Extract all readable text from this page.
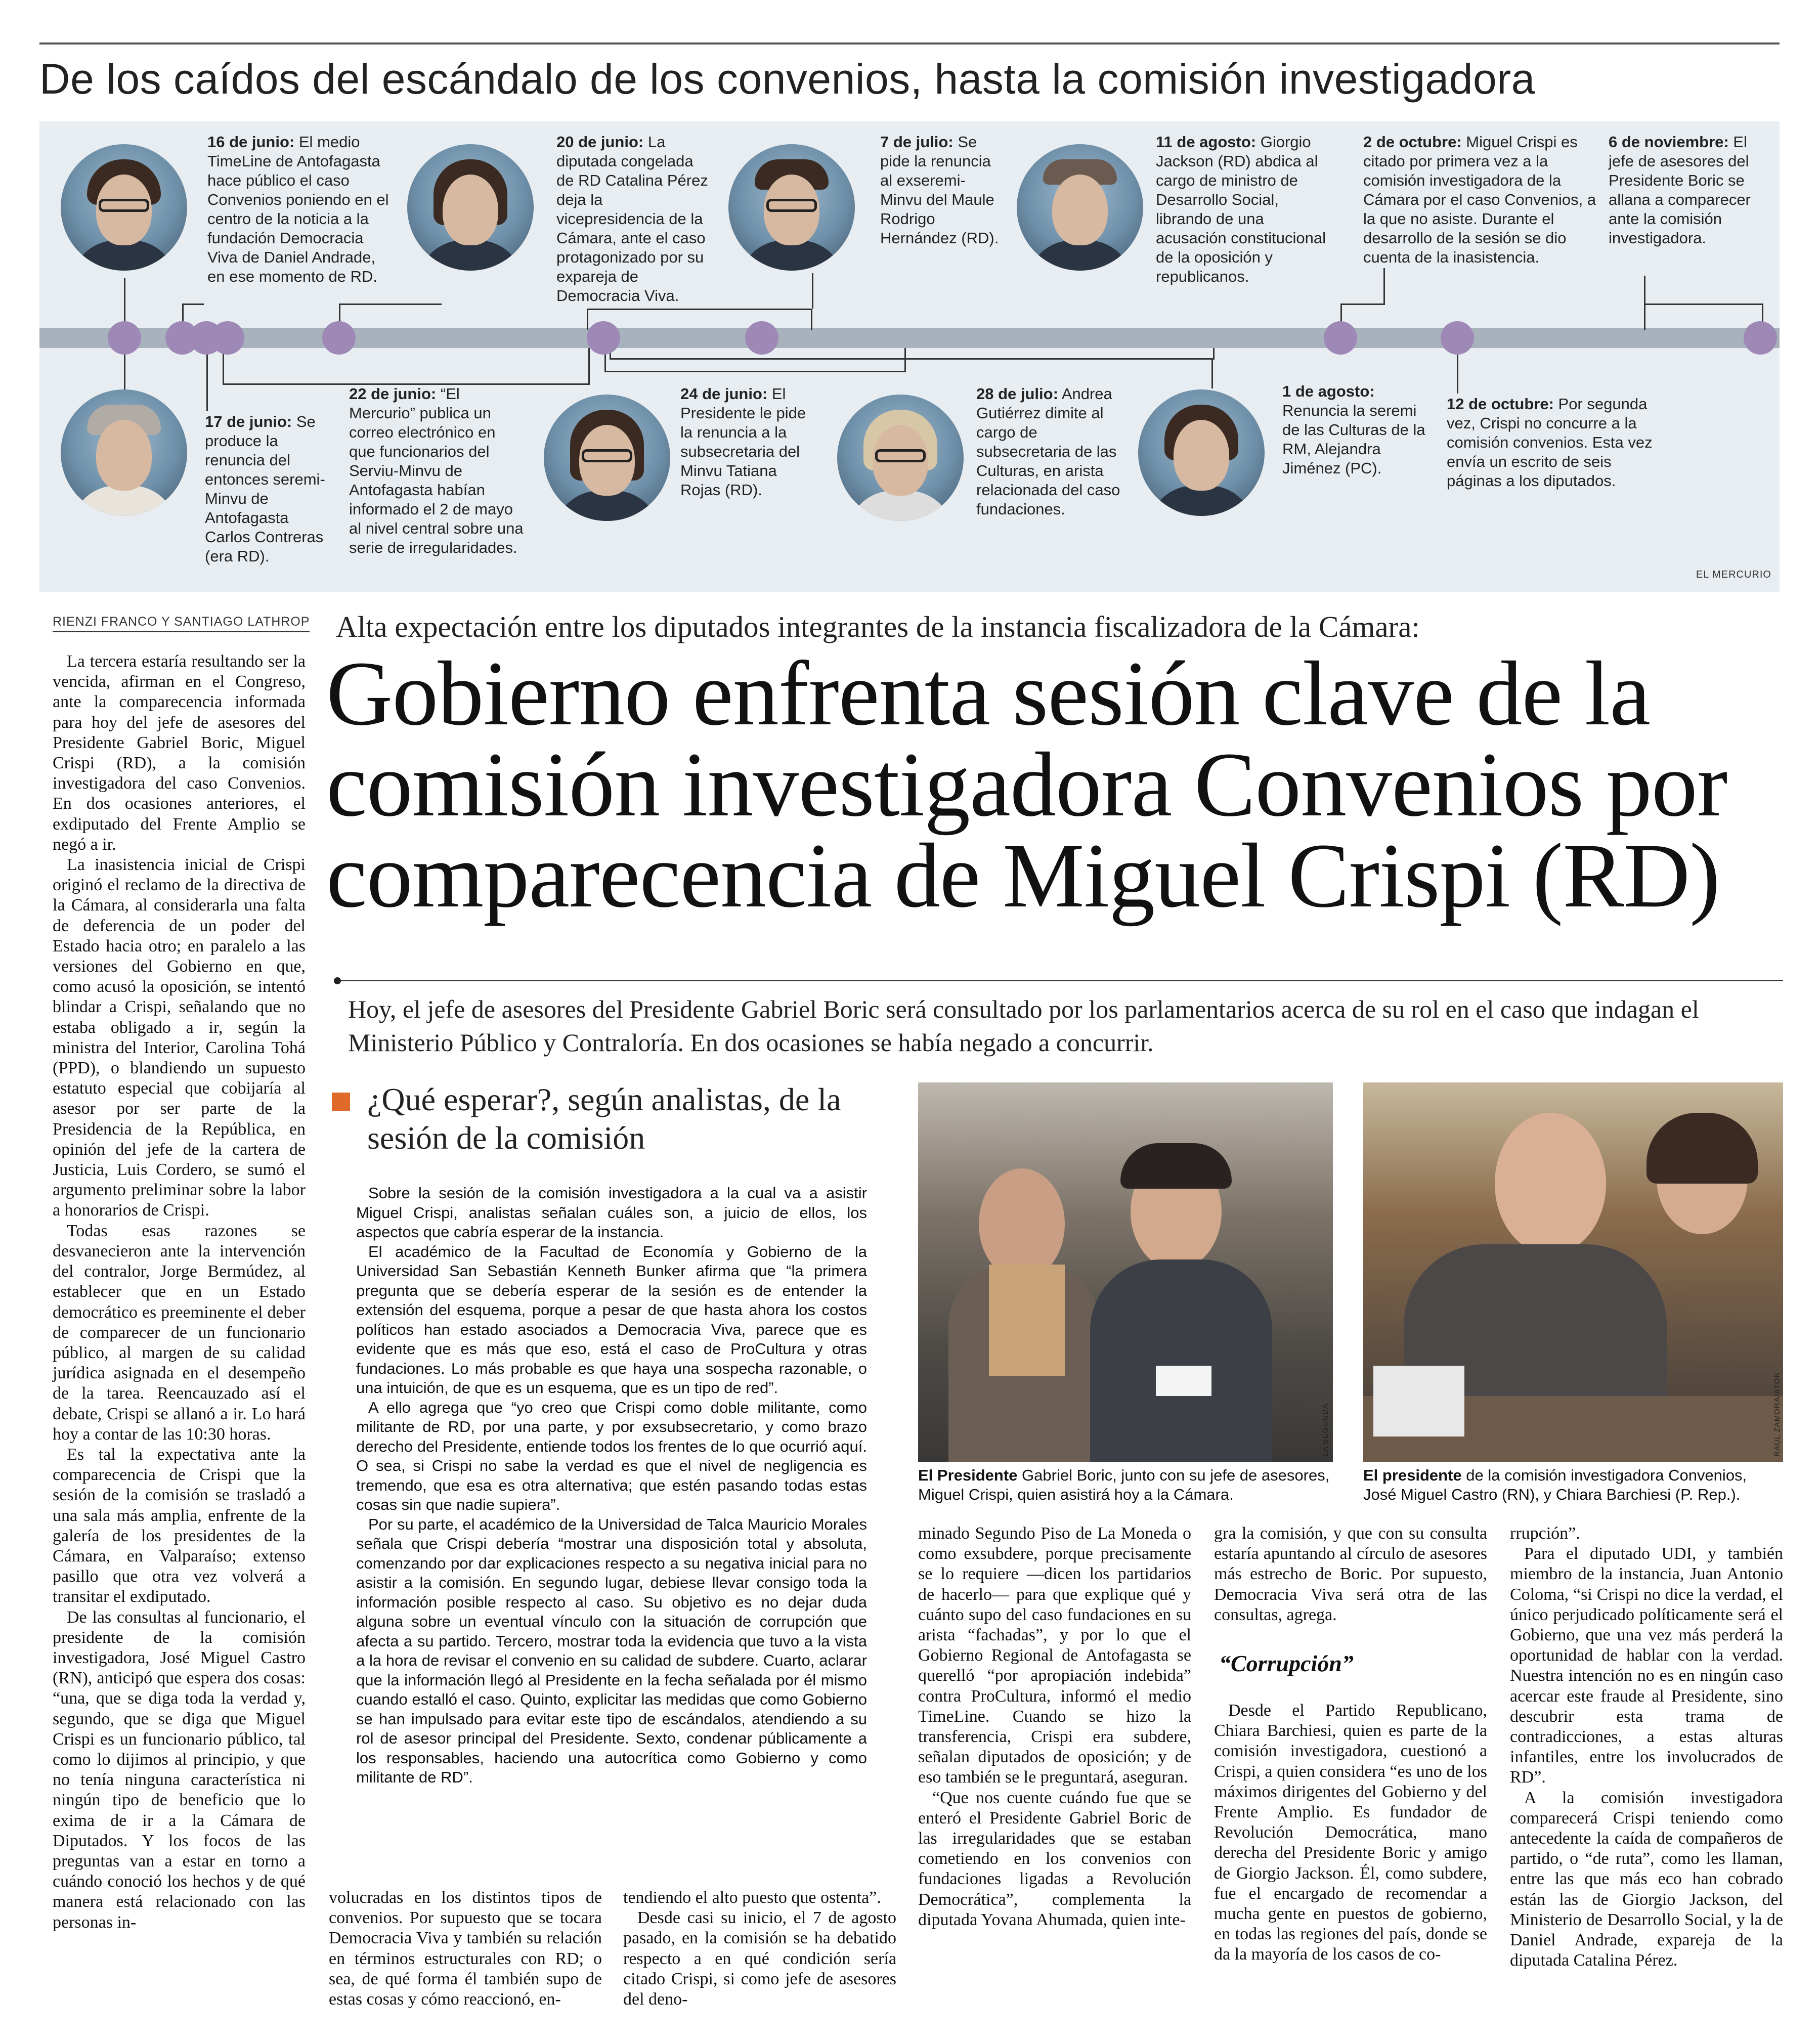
De los caídos del escándalo de los convenios, hasta la comisión investigadora
16 de junio: El medio TimeLine de Antofagasta hace público el caso Convenios poniendo en el centro de la noticia a la fundación Democracia Viva de Daniel Andrade, en ese momento de RD.
20 de junio: La diputada congelada de RD Catalina Pérez deja la vicepresidencia de la Cámara, ante el caso protagonizado por su expareja de Democracia Viva.
7 de julio: Se pide la renuncia al exseremi-Minvu del Maule Rodrigo Hernández (RD).
11 de agosto: Giorgio Jackson (RD) abdica al cargo de ministro de Desarrollo Social, librando de una acusación constitucional de la oposición y republicanos.
2 de octubre: Miguel Crispi es citado por primera vez a la comisión investigadora de la Cámara por el caso Convenios, a la que no asiste. Durante el desarrollo de la sesión se dio cuenta de la inasistencia.
6 de noviembre: El jefe de asesores del Presidente Boric se allana a comparecer ante la comisión investigadora.
17 de junio: Se produce la renuncia del entonces seremi-Minvu de Antofagasta Carlos Contreras (era RD).
22 de junio: “El Mercurio” publica un correo electrónico en que funcionarios del Serviu-Minvu de Antofagasta habían informado el 2 de mayo al nivel central sobre una serie de irregularidades.
24 de junio: El Presidente le pide la renuncia a la subsecretaria del Minvu Tatiana Rojas (RD).
28 de julio: Andrea Gutiérrez dimite al cargo de subsecretaria de las Culturas, en arista relacionada del caso fundaciones.
1 de agosto: Renuncia la seremi de las Culturas de la RM, Alejandra Jiménez (PC).
12 de octubre: Por segunda vez, Crispi no concurre a la comisión convenios. Esta vez envía un escrito de seis páginas a los diputados.
EL MERCURIO
RIENZI FRANCO Y SANTIAGO LATHROP

La tercera estaría resultando ser la vencida, afirman en el Congreso, ante la comparecencia informada para hoy del jefe de asesores del Presidente Gabriel Boric, Miguel Crispi (RD), a la comisión investigadora del caso Convenios. En dos ocasiones anteriores, el exdiputado del Frente Amplio se negó a ir.

La inasistencia inicial de Crispi originó el reclamo de la directiva de la Cámara, al considerarla una falta de deferencia de un poder del Estado hacia otro; en paralelo a las versiones del Gobierno en que, como acusó la oposición, se intentó blindar a Crispi, señalando que no estaba obligado a ir, según la ministra del Interior, Carolina Tohá (PPD), o blandiendo un supuesto estatuto especial que cobijaría al asesor por ser parte de la Presidencia de la República, en opinión del jefe de la cartera de Justicia, Luis Cordero, se sumó el argumento preliminar sobre la labor a honorarios de Crispi.

Todas esas razones se desvanecieron ante la intervención del contralor, Jorge Bermúdez, al establecer que en un Estado democrático es preeminente el deber de comparecer de un funcionario público, al margen de su calidad jurídica asignada en el desempeño de la tarea. Reencauzado así el debate, Crispi se allanó a ir. Lo hará hoy a contar de las 10:30 horas.

Es tal la expectativa ante la comparecencia de Crispi que la sesión de la comisión se trasladó a una sala más amplia, enfrente de la galería de los presidentes de la Cámara, en Valparaíso; extenso pasillo que otra vez volverá a transitar el exdiputado.

De las consultas al funcionario, el presidente de la comisión investigadora, José Miguel Castro (RN), anticipó que espera dos cosas: “una, que se diga toda la verdad y, segundo, que se diga que Miguel Crispi es un funcionario público, tal como lo dijimos al principio, y que no tenía ninguna característica ni ningún tipo de beneficio que lo exima de ir a la Cámara de Diputados. Y los focos de las preguntas van a estar en torno a cuándo conoció los hechos y de qué manera está relacionado con las personas in-

Alta expectación entre los diputados integrantes de la instancia fiscalizadora de la Cámara:
Gobierno enfrenta sesión clave de la comisión investigadora Convenios por comparecencia de Miguel Crispi (RD)
Hoy, el jefe de asesores del Presidente Gabriel Boric será consultado por los parlamentarios acerca de su rol en el caso que indagan el Ministerio Público y Contraloría. En dos ocasiones se había negado a concurrir.
¿Qué esperar?, según analistas, de la sesión de la comisión

Sobre la sesión de la comisión investigadora a la cual va a asistir Miguel Crispi, analistas señalan cuáles son, a juicio de ellos, los aspectos que cabría esperar de la instancia.

El académico de la Facultad de Economía y Gobierno de la Universidad San Sebastián Kenneth Bunker afirma que “la primera pregunta que se debería esperar de la sesión es de entender la extensión del esquema, porque a pesar de que hasta ahora los costos políticos han estado asociados a Democracia Viva, parece que es evidente que es más que eso, está el caso de ProCultura y otras fundaciones. Lo más probable es que haya una sospecha razonable, o una intuición, de que es un esquema, que es un tipo de red”.

A ello agrega que “yo creo que Crispi como doble militante, como militante de RD, por una parte, y por exsubsecretario, y como brazo derecho del Presidente, entiende todos los frentes de lo que ocurrió aquí. O sea, si Crispi no sabe la verdad es que el nivel de negligencia es tremendo, que esa es otra alternativa; que estén pasando todas estas cosas sin que nadie supiera”.

Por su parte, el académico de la Universidad de Talca Mauricio Morales señala que Crispi debería “mostrar una disposición total y absoluta, comenzando por dar explicaciones respecto a su negativa inicial para no asistir a la comisión. En segundo lugar, debiese llevar consigo toda la información posible respecto al caso. Su objetivo es no dejar duda alguna sobre un eventual vínculo con la situación de corrupción que afecta a su partido. Tercero, mostrar toda la evidencia que tuvo a la vista a la hora de revisar el convenio en su calidad de subdere. Cuarto, aclarar que la información llegó al Presidente en la fecha señalada por él mismo cuando estalló el caso. Quinto, explicitar las medidas que como Gobierno se han impulsado para evitar este tipo de escándalos, atendiendo a su rol de asesor principal del Presidente. Sexto, condenar públicamente a los responsables, haciendo una autocrítica como Gobierno y como militante de RD”.

LA SEGUNDA
El Presidente Gabriel Boric, junto con su jefe de asesores, Miguel Crispi, quien asistirá hoy a la Cámara.
RAÚL ZAMORA/ATON
El presidente de la comisión investigadora Convenios, José Miguel Castro (RN), y Chiara Barchiesi (P. Rep.).

volucradas en los distintos tipos de convenios. Por supuesto que se tocara Democracia Viva y también su relación en términos estructurales con RD; o sea, de qué forma él también supo de estas cosas y cómo reaccionó, en-

tendiendo el alto puesto que ostenta”.

Desde casi su inicio, el 7 de agosto pasado, en la comisión se ha debatido respecto a en qué condición sería citado Crispi, si como jefe de asesores del deno-

minado Segundo Piso de La Moneda o como exsubdere, porque precisamente se lo requiere —dicen los partidarios de hacerlo— para que explique qué y cuánto supo del caso fundaciones en su arista “fachadas”, y por lo que el Gobierno Regional de Antofagasta se querelló “por apropiación indebida” contra ProCultura, informó el medio TimeLine. Cuando se hizo la transferencia, Crispi era subdere, señalan diputados de oposición; y de eso también se le preguntará, aseguran.

“Que nos cuente cuándo fue que se enteró el Presidente Gabriel Boric de las irregularidades que se estaban cometiendo en los convenios con fundaciones ligadas a Revolución Democrática”, complementa la diputada Yovana Ahumada, quien inte-

gra la comisión, y que con su consulta estaría apuntando al círculo de asesores más estrecho de Boric. Por supuesto, Democracia Viva será otra de las consultas, agrega.

“Corrupción”

Desde el Partido Republicano, Chiara Barchiesi, quien es parte de la comisión investigadora, cuestionó a Crispi, a quien considera “es uno de los máximos dirigentes del Gobierno y del Frente Amplio. Es fundador de Revolución Democrática, mano derecha del Presidente Boric y amigo de Giorgio Jackson. Él, como subdere, fue el encargado de recomendar a mucha gente en puestos de gobierno, en todas las regiones del país, donde se da la mayoría de los casos de co-

rrupción”.

Para el diputado UDI, y también miembro de la instancia, Juan Antonio Coloma, “si Crispi no dice la verdad, el único perjudicado políticamente será el Gobierno, que una vez más perderá la oportunidad de hablar con la verdad. Nuestra intención no es en ningún caso acercar este fraude al Presidente, sino descubrir esta trama de contradicciones, a estas alturas infantiles, entre los involucrados de RD”.

A la comisión investigadora comparecerá Crispi teniendo como antecedente la caída de compañeros de partido, o “de ruta”, como les llaman, entre las que más eco han cobrado están las de Giorgio Jackson, del Ministerio de Desarrollo Social, y la de Daniel Andrade, expareja de la diputada Catalina Pérez.
